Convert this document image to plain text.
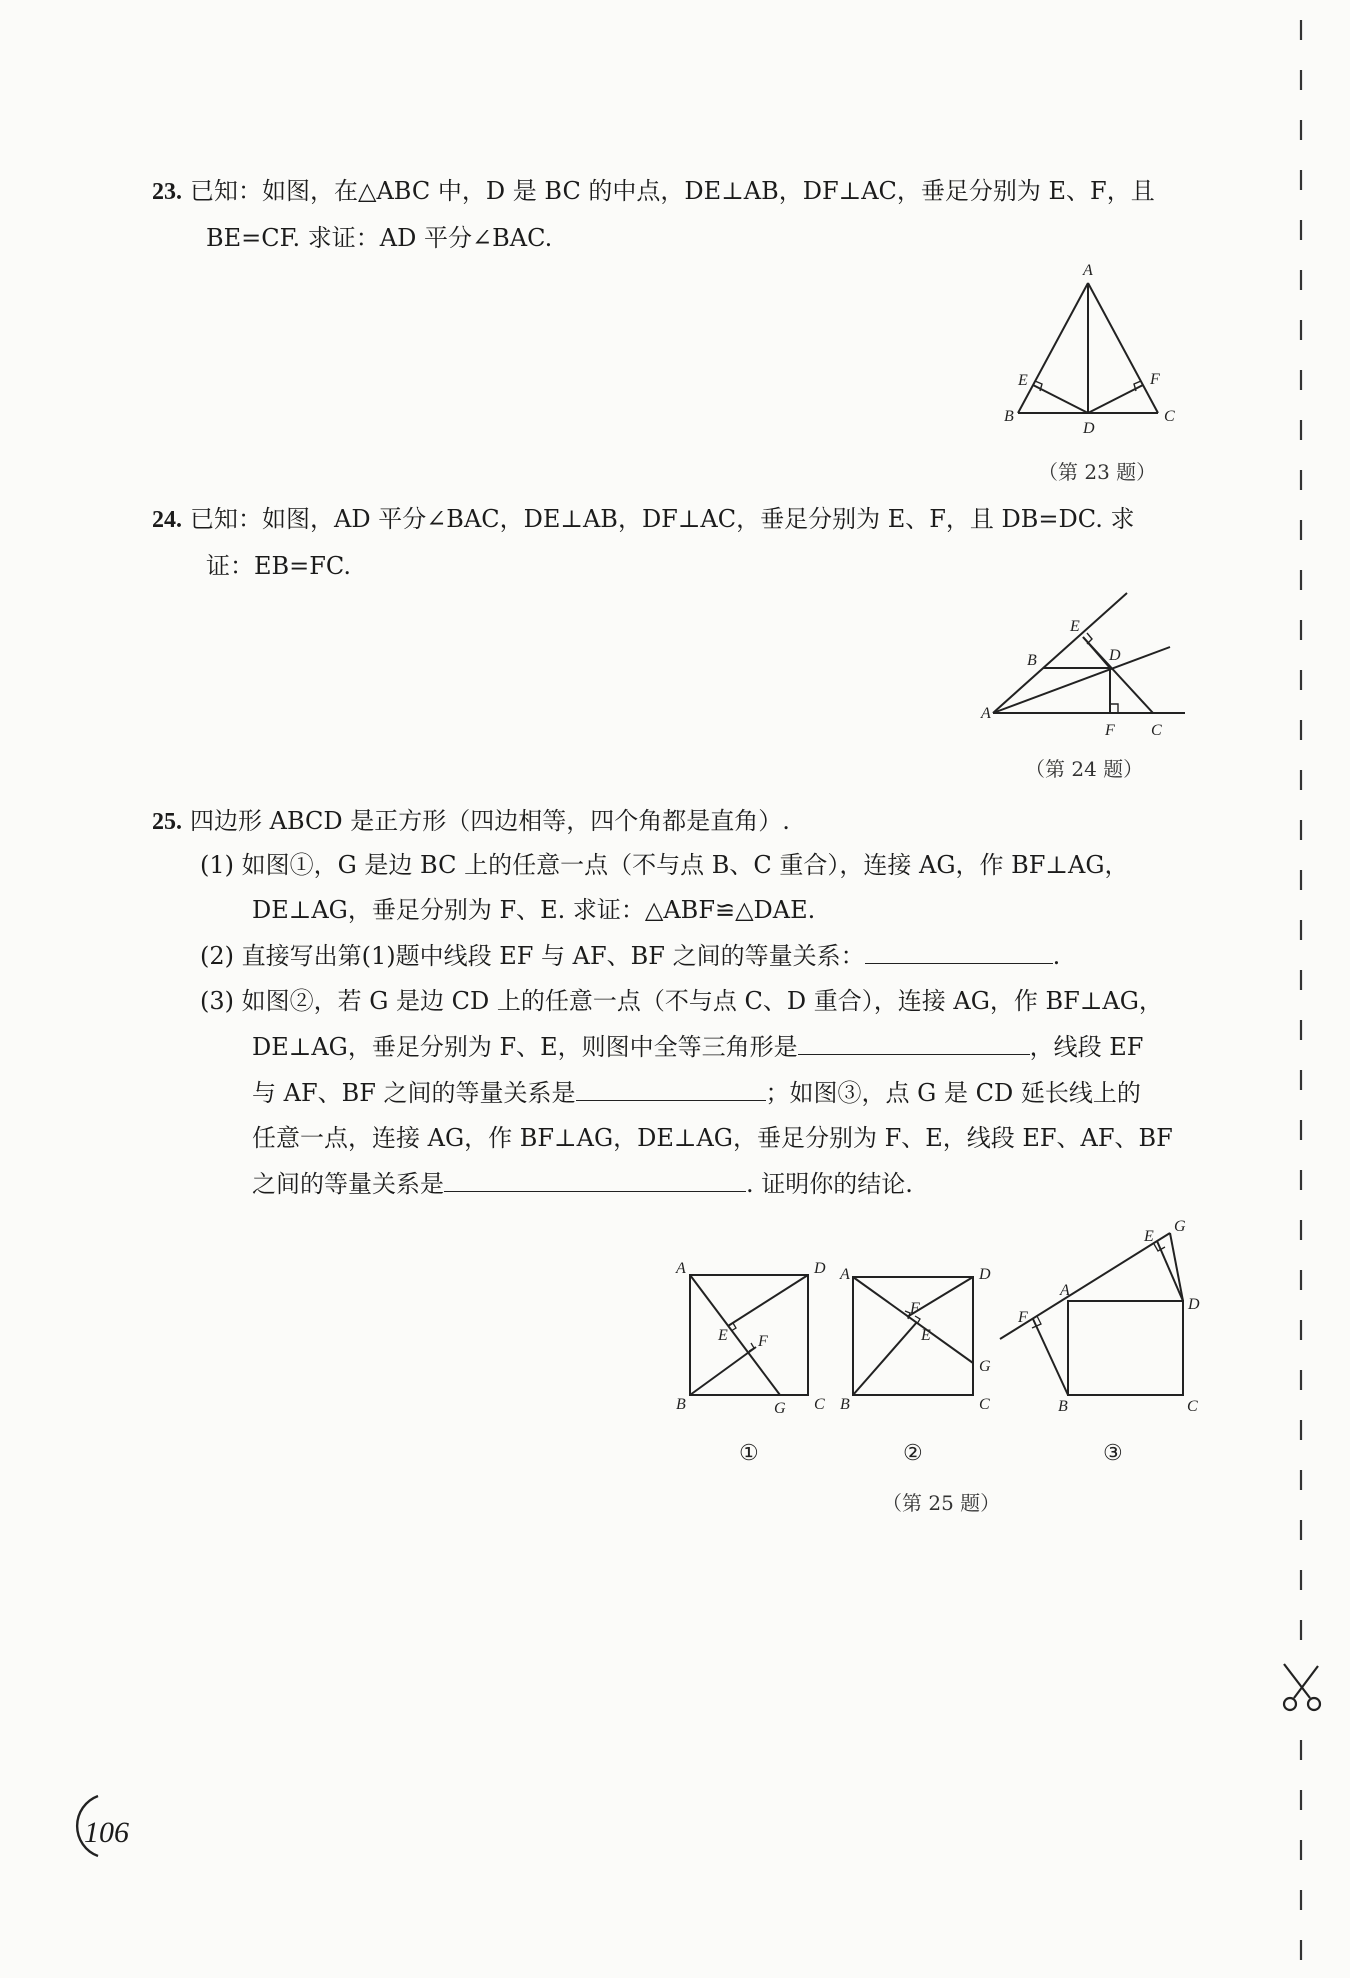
23. 已知：如图，在△ABC 中，D 是 BC 的中点，DE⊥AB，DF⊥AC，垂足分别为 E、F，且

BE=CF. 求证：AD 平分∠BAC.

A
B	C
D
E	F
（第 23 题）

24. 已知：如图，AD 平分∠BAC，DE⊥AB，DF⊥AC，垂足分别为 E、F，且 DB=DC. 求

证：EB=FC.

A
B
C
D
E
F
（第 24 题）

25. 四边形 ABCD 是正方形（四边相等，四个角都是直角）.

(1) 如图①，G 是边 BC 上的任意一点（不与点 B、C 重合），连接 AG，作 BF⊥AG，

DE⊥AG，垂足分别为 F、E. 求证：△ABF≌△DAE.

(2) 直接写出第(1)题中线段 EF 与 AF、BF 之间的等量关系：	.

(3) 如图②，若 G 是边 CD 上的任意一点（不与点 C、D 重合），连接 AG，作 BF⊥AG，

DE⊥AG，垂足分别为 F、E，则图中全等三角形是	，线段 EF

与 AF、BF 之间的等量关系是	；如图③，点 G 是 CD 延长线上的

任意一点，连接 AG，作 BF⊥AG，DE⊥AG，垂足分别为 F、E，线段 EF、AF、BF

之间的等量关系是	. 证明你的结论.

A	D
B	C
G
E F
A	D
B	C
G
F
E
A
D
B	C
G
E
F
①	②	③
（第 25 题）
106
